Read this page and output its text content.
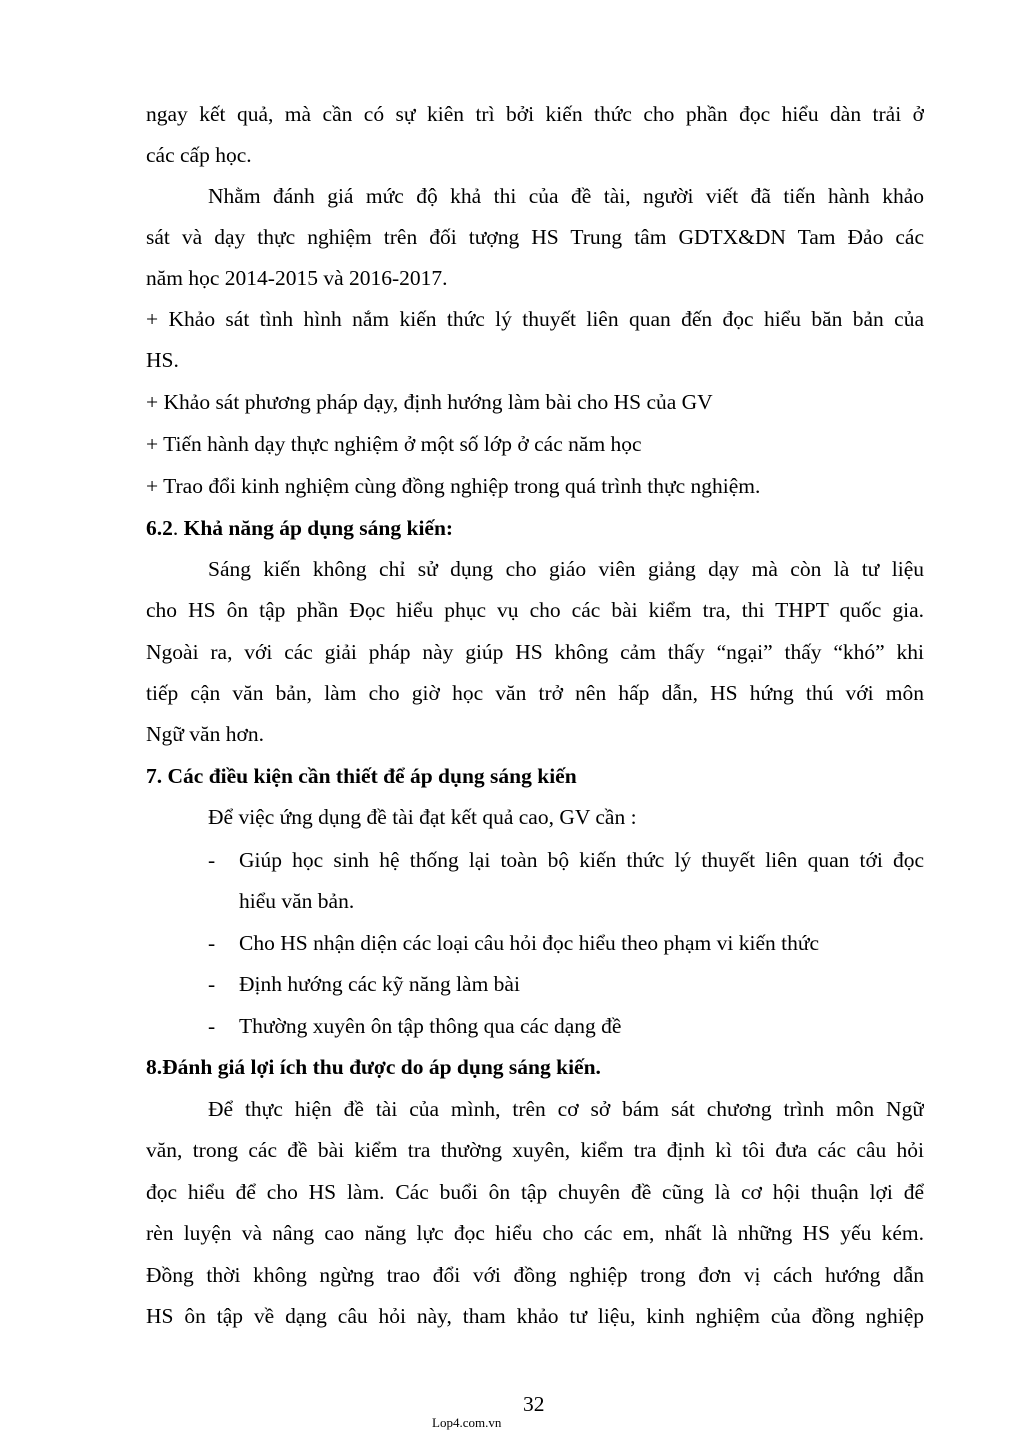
ngay kết quả, mà cần có sự kiên trì bởi kiến thức cho phần đọc hiểu dàn trải ở
các cấp học.
Nhằm đánh giá mức độ khả thi của đề tài, người viết đã tiến hành khảo
sát và dạy thực nghiệm trên đối tượng HS Trung tâm GDTX&DN Tam Đảo các
năm học 2014-2015 và 2016-2017.
+ Khảo sát tình hình nắm kiến thức lý thuyết liên quan đến đọc hiểu băn bản của
HS.
+ Khảo sát phương pháp dạy, định hướng làm bài cho HS của GV
+ Tiến hành dạy thực nghiệm ở một số lớp ở các năm học
+ Trao đổi kinh nghiệm cùng đồng nghiệp trong quá trình thực nghiệm.
6.2. Khả năng áp dụng sáng kiến:
Sáng kiến không chỉ sử dụng cho giáo viên giảng dạy mà còn là tư liệu
cho HS ôn tập phần Đọc hiểu phục vụ cho các bài kiểm tra, thi THPT quốc gia.
Ngoài ra, với các giải pháp này giúp HS không cảm thấy “ngại” thấy “khó” khi
tiếp cận văn bản, làm cho giờ học văn trở nên hấp dẫn, HS hứng thú với môn
Ngữ văn hơn.
7. Các điều kiện cần thiết để áp dụng sáng kiến
Để việc ứng dụng đề tài đạt kết quả cao, GV cần :
- Giúp học sinh hệ thống lại toàn bộ kiến thức lý thuyết liên quan tới đọc
hiểu văn bản.
- Cho HS nhận diện các loại câu hỏi đọc hiểu theo phạm vi kiến thức
- Định hướng các kỹ năng làm bài
- Thường xuyên ôn tập thông qua các dạng đề
8.Đánh giá lợi ích thu được do áp dụng sáng kiến.
Để thực hiện đề tài của mình, trên cơ sở bám sát chương trình môn Ngữ
văn, trong các đề bài kiểm tra thường xuyên, kiểm tra định kì tôi đưa các câu hỏi
đọc hiểu để cho HS làm. Các buổi ôn tập chuyên đề cũng là cơ hội thuận lợi để
rèn luyện và nâng cao năng lực đọc hiểu cho các em, nhất là những HS yếu kém.
Đồng thời không ngừng trao đổi với đồng nghiệp trong đơn vị cách hướng dẫn
HS ôn tập về dạng câu hỏi này, tham khảo tư liệu, kinh nghiệm của đồng nghiệp
32
Lop4.com.vn
